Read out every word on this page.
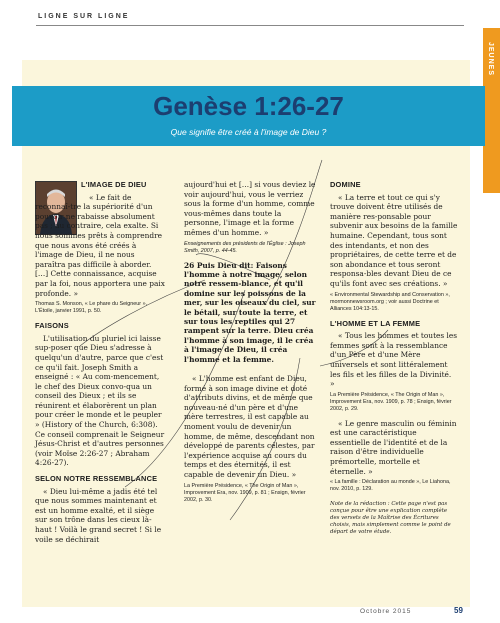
LIGNE SUR LIGNE
JEUNES
Genèse 1:26-27
Que signifie être créé à l'image de Dieu ?
L'IMAGE DE DIEU

« Le fait de reconnaî-tre la supériorité d'un pouvoir ne rabaisse absolument pas ; au contraire, cela exalte. Si nous sommes prêts à comprendre que nous avons été créés à l'image de Dieu, il ne nous paraîtra pas difficile à aborder. […] Cette connaissance, acquise par la foi, nous apportera une paix profonde. »

Thomas S. Monson, « Le phare du Seigneur », L'Étoile, janvier 1991, p. 50.
FAISONS

L'utilisation du pluriel ici laisse sup-poser que Dieu s'adresse à quelqu'un d'autre, parce que c'est ce qu'il fait. Joseph Smith a enseigné : « Au com-mencement, le chef des Dieux convo-qua un conseil des Dieux ; et ils se réunirent et élaborèrent un plan pour créer le monde et le peupler » (History of the Church, 6:308). Ce conseil comprenait le Seigneur Jésus-Christ et d'autres personnes (voir Moïse 2:26-27 ; Abraham 4:26-27).

SELON NOTRE RESSEMBLANCE

« Dieu lui-même a jadis été tel que nous sommes maintenant et est un homme exalté, et il siège sur son trône dans les cieux là-haut ! Voilà le grand secret ! Si le voile se déchirait

aujourd'hui et […] si vous deviez le voir aujourd'hui, vous le verriez sous la forme d'un homme, comme vous-mêmes dans toute la personne, l'image et la forme mêmes d'un homme. »

Enseignements des présidents de l'Église : Joseph Smith, 2007, p. 44-45.

26 Puis Dieu dit: Faisons l'homme à notre image, selon notre ressem-blance, et qu'il domine sur les poissons de la mer, sur les oiseaux du ciel, sur le bétail, sur toute la terre, et sur tous les reptiles qui 27 rampent sur la terre. Dieu créa l'homme à son image, il le créa à l'image de Dieu, il créa l'homme et la femme.

« L'homme est enfant de Dieu, formé à son image divine et doté d'attributs divins, et de même que nouveau-né d'un père et d'une mère terrestres, il est capable au moment voulu de devenir un homme, de même, descendant non développé de parents célestes, par l'expérience acquise au cours du temps et des éternités, il est capable de devenir un Dieu. »

La Première Présidence, « The Origin of Man », Improvement Era, nov. 1909, p. 81 ; Ensign, février 2002, p. 30.
DOMINE

« La terre et tout ce qui s'y trouve doivent être utilisés de manière res-ponsable pour subvenir aux besoins de la famille humaine. Cependant, tous sont des intendants, et non des propriétaires, de cette terre et de son abondance et tous seront responsa-bles devant Dieu de ce qu'ils font avec ses créations. »

« Environmental Stewardship and Conservation », mormonnewsroom.org ; voir aussi Doctrine et Alliances 104:13-15.
L'HOMME ET LA FEMME

« Tous les hommes et toutes les femmes sont à la ressemblance d'un Père et d'une Mère universels et sont littéralement les fils et les filles de la Divinité. »

La Première Présidence, « The Origin of Man », Improvement Era, nov. 1909, p. 78 ; Ensign, février 2002, p. 29.

« Le genre masculin ou féminin est une caractéristique essentielle de l'identité et de la raison d'être individuelle prémortelle, mortelle et éternelle. »

« La famille : Déclaration au monde », Le Liahona, nov. 2010, p. 129.

Note de la rédaction : Cette page n'est pas conçue pour être une explication complète des versets de la Maîtrise des Écritures choisis, mais simplement comme le point de départ de votre étude.

Octobre 2015	59
